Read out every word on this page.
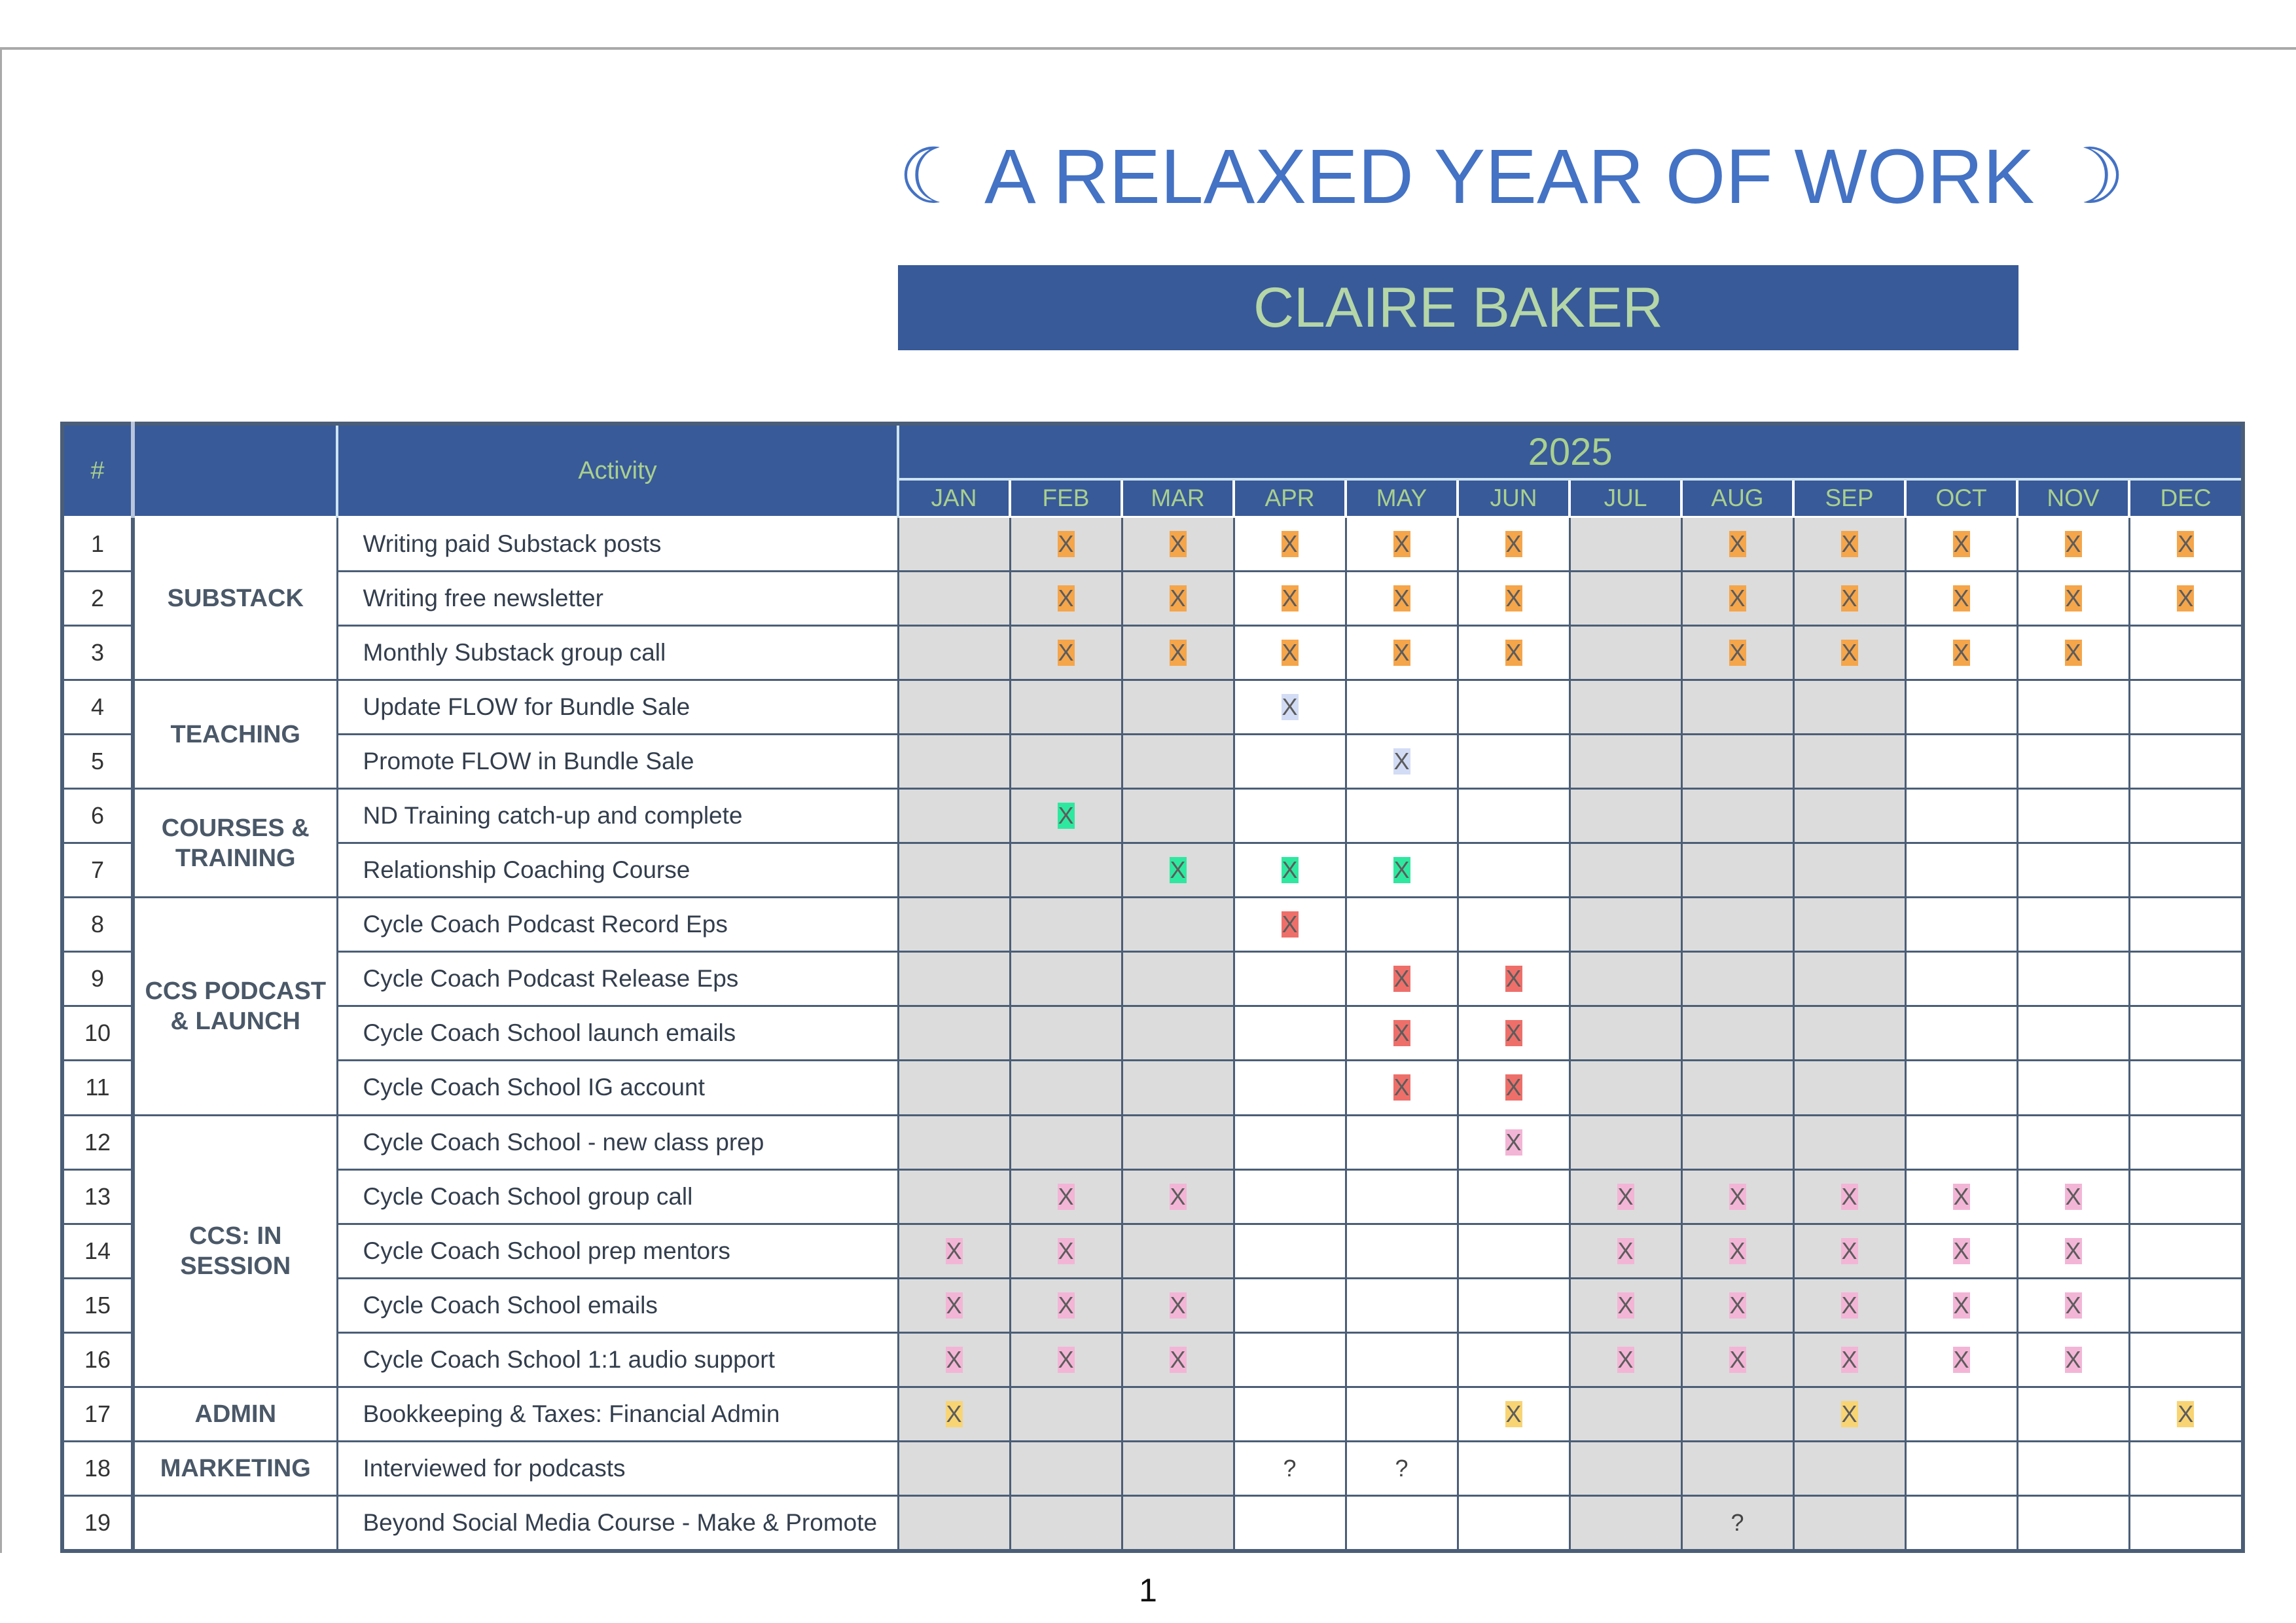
☾ A RELAXED YEAR OF WORK ☽
CLAIRE BAKER
#		Activity	2025											
			JAN	FEB	MAR	APR	MAY	JUN	JUL	AUG	SEP	OCT	NOV	DEC
1	SUBSTACK	Writing paid Substack posts		X	X	X	X	X		X	X	X	X	X
2		Writing free newsletter		X	X	X	X	X		X	X	X	X	X
3		Monthly Substack group call		X	X	X	X	X		X	X	X	X	
4	TEACHING	Update FLOW for Bundle Sale				X								
5		Promote FLOW in Bundle Sale					X							
6	COURSES & TRAINING	ND Training catch-up and complete		X										
7		Relationship Coaching Course			X	X	X							
8	CCS PODCAST & LAUNCH	Cycle Coach Podcast Record Eps				X								
9		Cycle Coach Podcast Release Eps					X	X						
10		Cycle Coach School launch emails					X	X						
11		Cycle Coach School IG account					X	X						
12	CCS: IN SESSION	Cycle Coach School - new class prep						X						
13		Cycle Coach School group call		X	X				X	X	X	X	X	
14		Cycle Coach School prep mentors	X	X					X	X	X	X	X	
15		Cycle Coach School emails	X	X	X				X	X	X	X	X	
16		Cycle Coach School 1:1 audio support	X	X	X				X	X	X	X	X	
17	ADMIN	Bookkeeping & Taxes: Financial Admin	X					X			X			X
18	MARKETING	Interviewed for podcasts				?	?							
19		Beyond Social Media Course - Make & Promote								?				
1
